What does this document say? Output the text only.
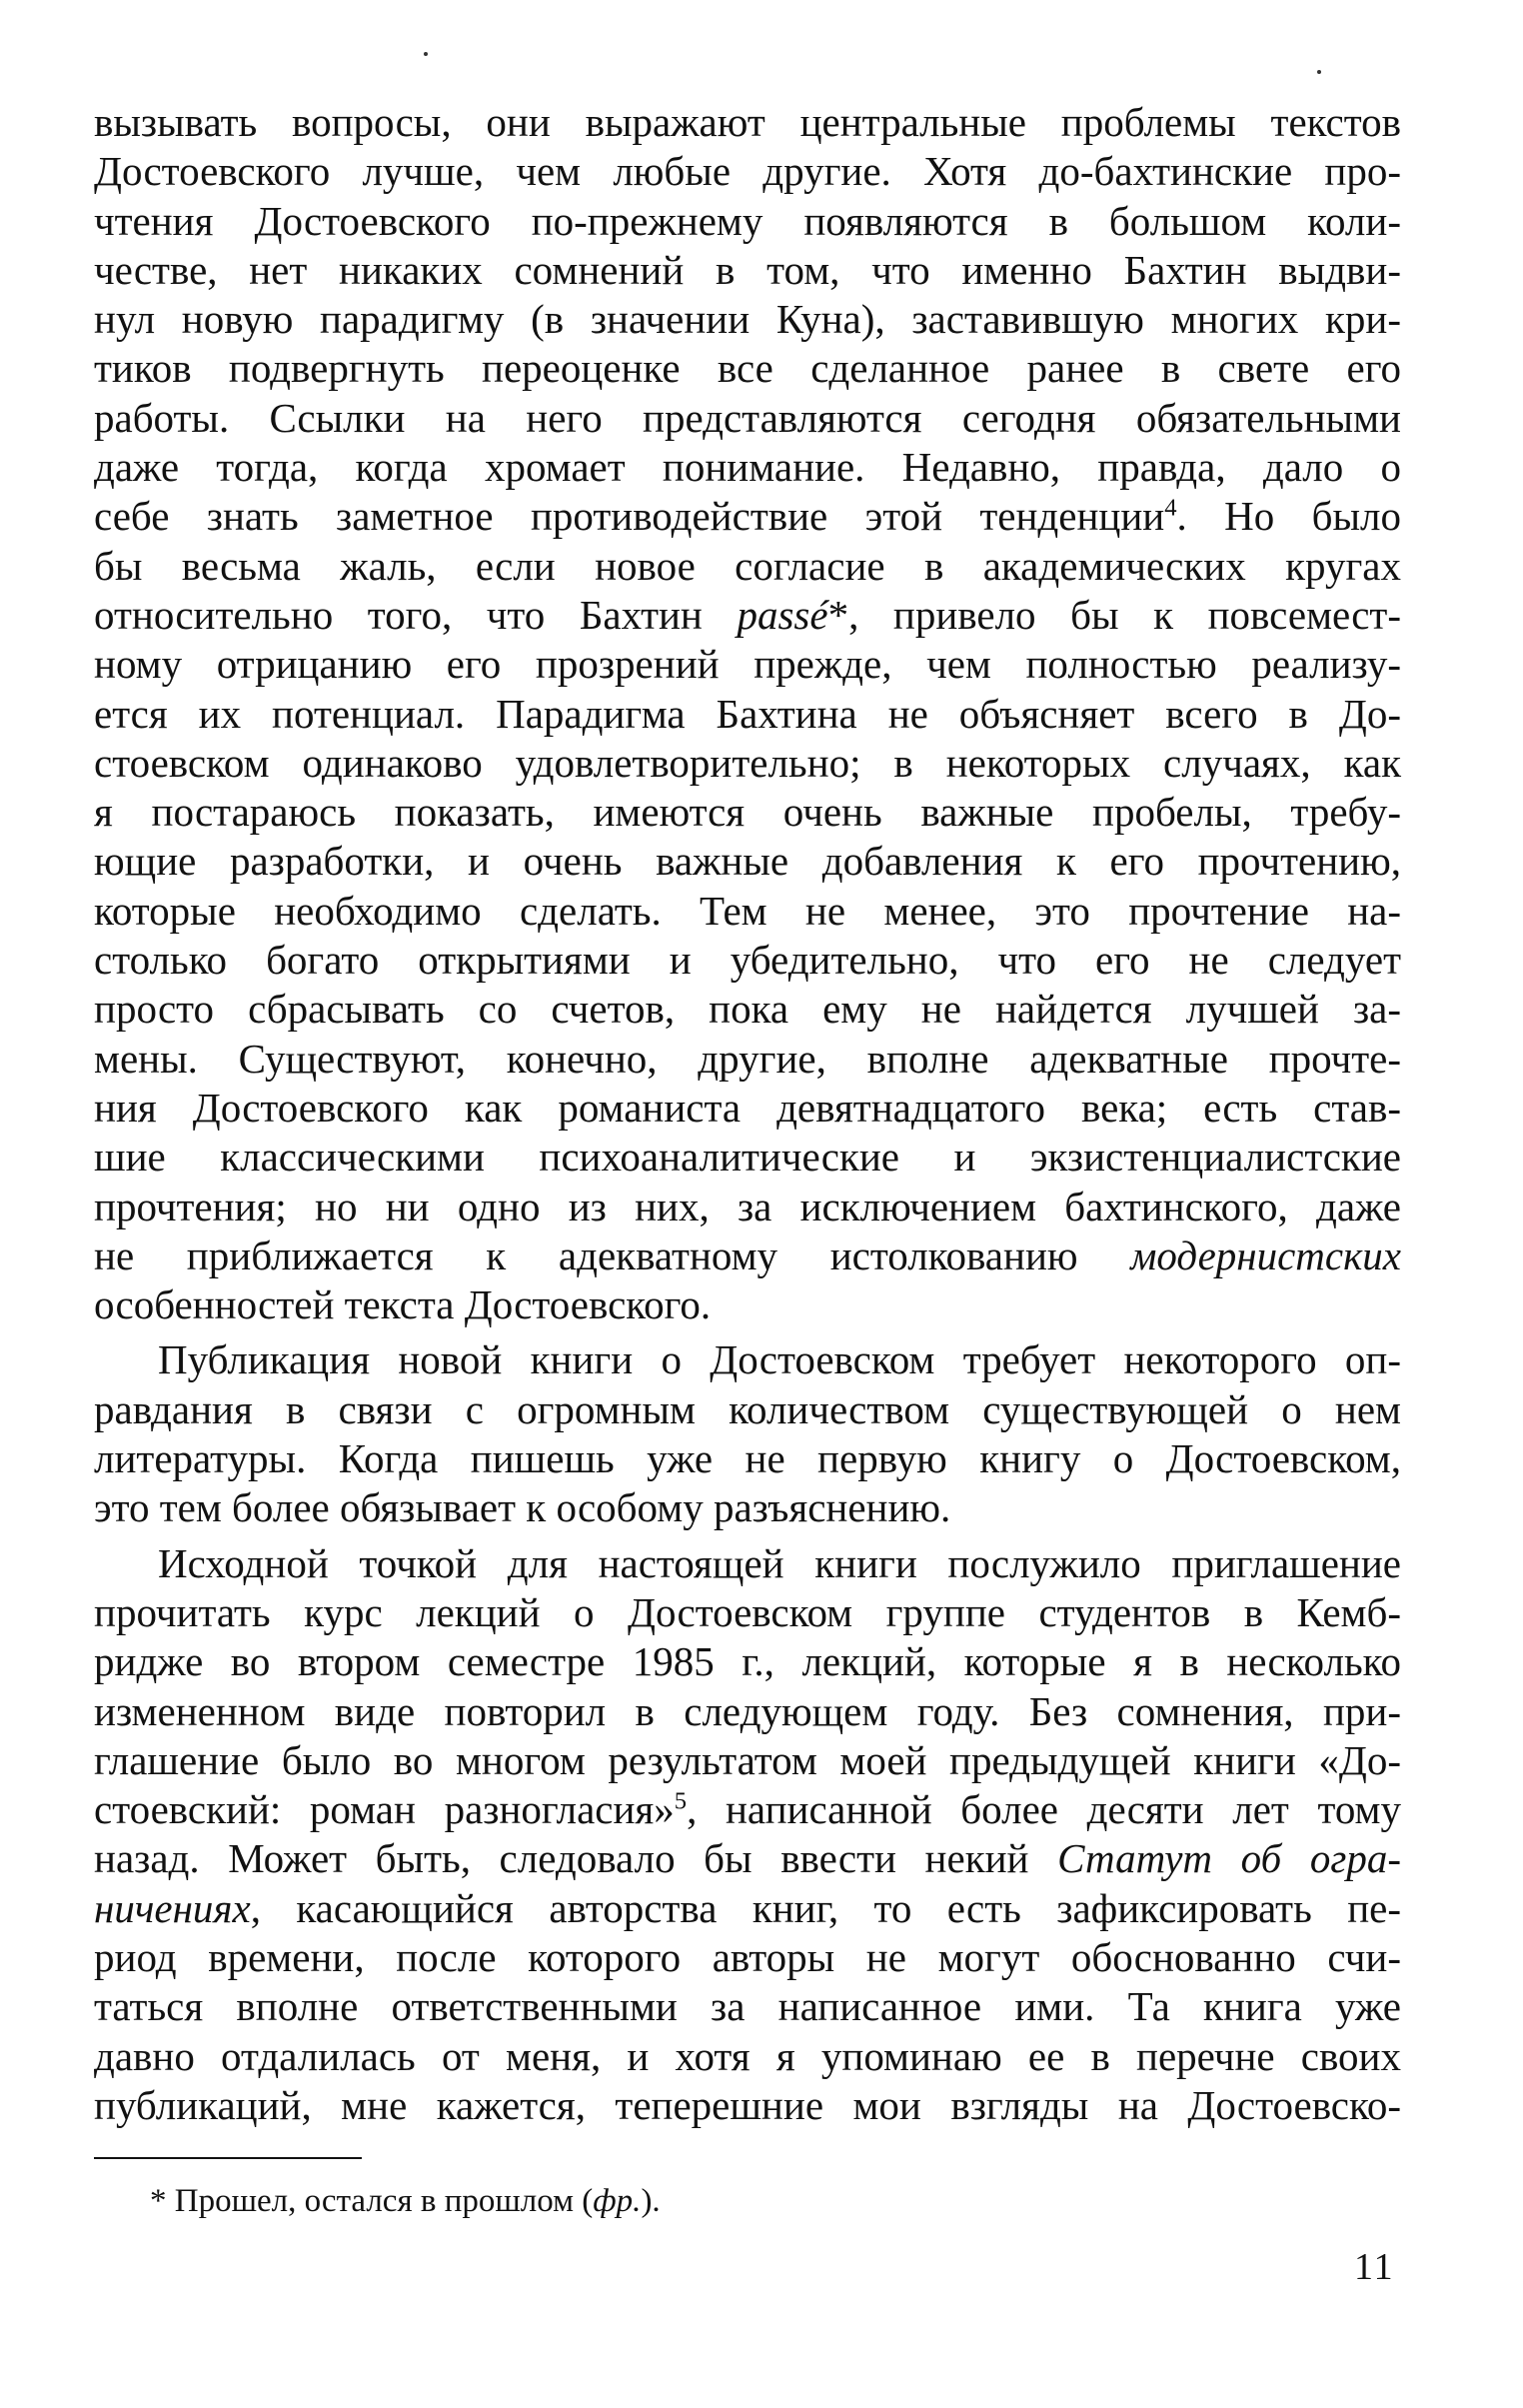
вызывать вопросы, они выражают центральные проблемы текстов
Достоевского лучше, чем любые другие. Хотя до-бахтинские про-
чтения Достоевского по-прежнему появляются в большом коли-
честве, нет никаких сомнений в том, что именно Бахтин выдви-
нул новую парадигму (в значении Куна), заставившую многих кри-
тиков подвергнуть переоценке все сделанное ранее в свете его
работы. Ссылки на него представляются сегодня обязательными
даже тогда, когда хромает понимание. Недавно, правда, дало о
себе знать заметное противодействие этой тенденции$^4$. Но было
бы весьма жаль, если новое согласие в академических кругах
относительно того, что Бахтин passé*, привело бы к повсемест-
ному отрицанию его прозрений прежде, чем полностью реализу-
ется их потенциал. Парадигма Бахтина не объясняет всего в До-
стоевском одинаково удовлетворительно; в некоторых случаях, как
я постараюсь показать, имеются очень важные пробелы, требу-
ющие разработки, и очень важные добавления к его прочтению,
которые необходимо сделать. Тем не менее, это прочтение на-
столько богато открытиями и убедительно, что его не следует
просто сбрасывать со счетов, пока ему не найдется лучшей за-
мены. Существуют, конечно, другие, вполне адекватные прочте-
ния Достоевского как романиста девятнадцатого века; есть став-
шие классическими психоаналитические и экзистенциалистские
прочтения; но ни одно из них, за исключением бахтинского, даже
не приближается к адекватному истолкованию модернистских
особенностей текста Достоевского.

Публикация новой книги о Достоевском требует некоторого оп-
равдания в связи с огромным количеством существующей о нем
литературы. Когда пишешь уже не первую книгу о Достоевском,
это тем более обязывает к особому разъяснению.

Исходной точкой для настоящей книги послужило приглашение
прочитать курс лекций о Достоевском группе студентов в Кемб-
ридже во втором семестре 1985 г., лекций, которые я в несколько
измененном виде повторил в следующем году. Без сомнения, при-
глашение было во многом результатом моей предыдущей книги «До-
стоевский: роман разногласия»$^5$, написанной более десяти лет тому
назад. Может быть, следовало бы ввести некий Статут об огра-
ничениях, касающийся авторства книг, то есть зафиксировать пе-
риод времени, после которого авторы не могут обоснованно счи-
таться вполне ответственными за написанное ими. Та книга уже
давно отдалилась от меня, и хотя я упоминаю ее в перечне своих
публикаций, мне кажется, теперешние мои взгляды на Достоевско-

* Прошел, остался в прошлом (фр.).
11
